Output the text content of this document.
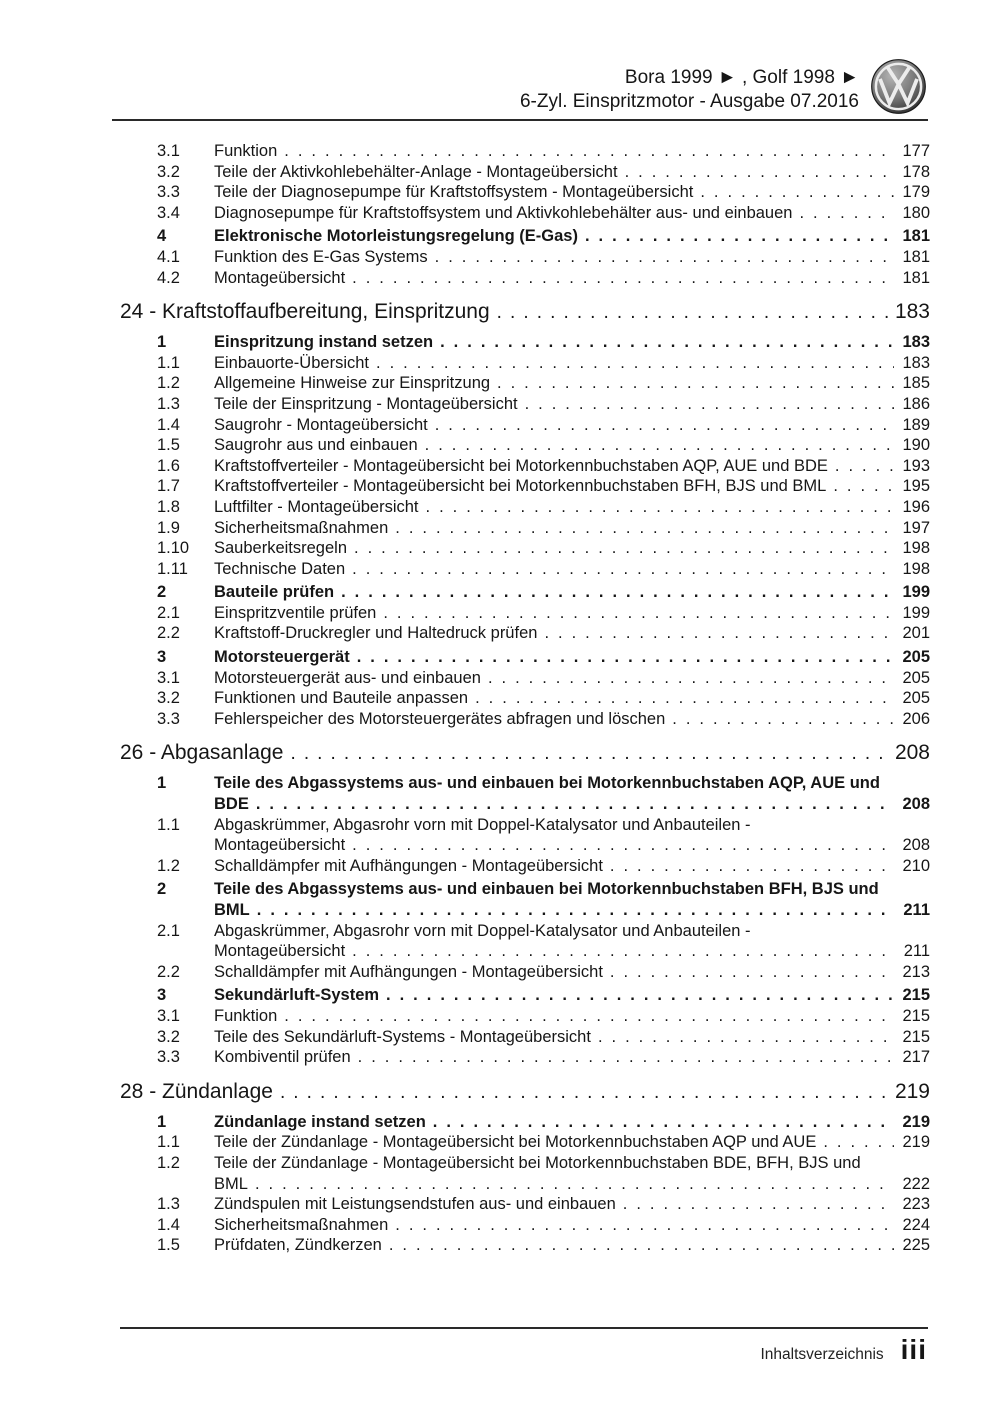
Bora 1999 ► , Golf 1998 ►
6-Zyl. Einspritzmotor - Ausgabe 07.2016
3.1	Funktion . . .	177
3.2	Teile der Aktivkohlebehälter-Anlage - Montageübersicht . . .	178
3.3	Teile der Diagnosepumpe für Kraftstoffsystem - Montageübersicht . . .	179
3.4	Diagnosepumpe für Kraftstoffsystem und Aktivkohlebehälter aus- und einbauen . . .	180
4	Elektronische Motorleistungsregelung (E-Gas) . . .	181
4.1	Funktion des E-Gas Systems . . .	181
4.2	Montageübersicht . . .	181
24 - Kraftstoffaufbereitung, Einspritzung . . .	183
1	Einspritzung instand setzen . . .	183
1.1	Einbauorte-Übersicht . . .	183
1.2	Allgemeine Hinweise zur Einspritzung . . .	185
1.3	Teile der Einspritzung - Montageübersicht . . .	186
1.4	Saugrohr - Montageübersicht . . .	189
1.5	Saugrohr aus und einbauen . . .	190
1.6	Kraftstoffverteiler - Montageübersicht bei Motorkennbuchstaben AQP, AUE und BDE . . .	193
1.7	Kraftstoffverteiler - Montageübersicht bei Motorkennbuchstaben BFH, BJS und BML . . .	195
1.8	Luftfilter - Montageübersicht . . .	196
1.9	Sicherheitsmaßnahmen . . .	197
1.10	Sauberkeitsregeln . . .	198
1.11	Technische Daten . . .	198
2	Bauteile prüfen . . .	199
2.1	Einspritzventile prüfen . . .	199
2.2	Kraftstoff-Druckregler und Haltedruck prüfen . . .	201
3	Motorsteuergerät . . .	205
3.1	Motorsteuergerät aus- und einbauen . . .	205
3.2	Funktionen und Bauteile anpassen . . .	205
3.3	Fehlerspeicher des Motorsteuergerätes abfragen und löschen . . .	206
26 - Abgasanlage . . .	208
1	Teile des Abgassystems aus- und einbauen bei Motorkennbuchstaben AQP, AUE und
BDE . . .	208
1.1	Abgaskrümmer, Abgasrohr vorn mit Doppel-Katalysator und Anbauteilen -
Montageübersicht . . .	208
1.2	Schalldämpfer mit Aufhängungen - Montageübersicht . . .	210
2	Teile des Abgassystems aus- und einbauen bei Motorkennbuchstaben BFH, BJS und
BML . . .	211
2.1	Abgaskrümmer, Abgasrohr vorn mit Doppel-Katalysator und Anbauteilen -
Montageübersicht . . .	211
2.2	Schalldämpfer mit Aufhängungen - Montageübersicht . . .	213
3	Sekundärluft-System . . .	215
3.1	Funktion . . .	215
3.2	Teile des Sekundärluft-Systems - Montageübersicht . . .	215
3.3	Kombiventil prüfen . . .	217
28 - Zündanlage . . .	219
1	Zündanlage instand setzen . . .	219
1.1	Teile der Zündanlage - Montageübersicht bei Motorkennbuchstaben AQP und AUE . . .	219
1.2	Teile der Zündanlage - Montageübersicht bei Motorkennbuchstaben BDE, BFH, BJS und
BML . . .	222
1.3	Zündspulen mit Leistungsendstufen aus- und einbauen . . .	223
1.4	Sicherheitsmaßnahmen . . .	224
1.5	Prüfdaten, Zündkerzen . . .	225
Inhaltsverzeichnis iii
